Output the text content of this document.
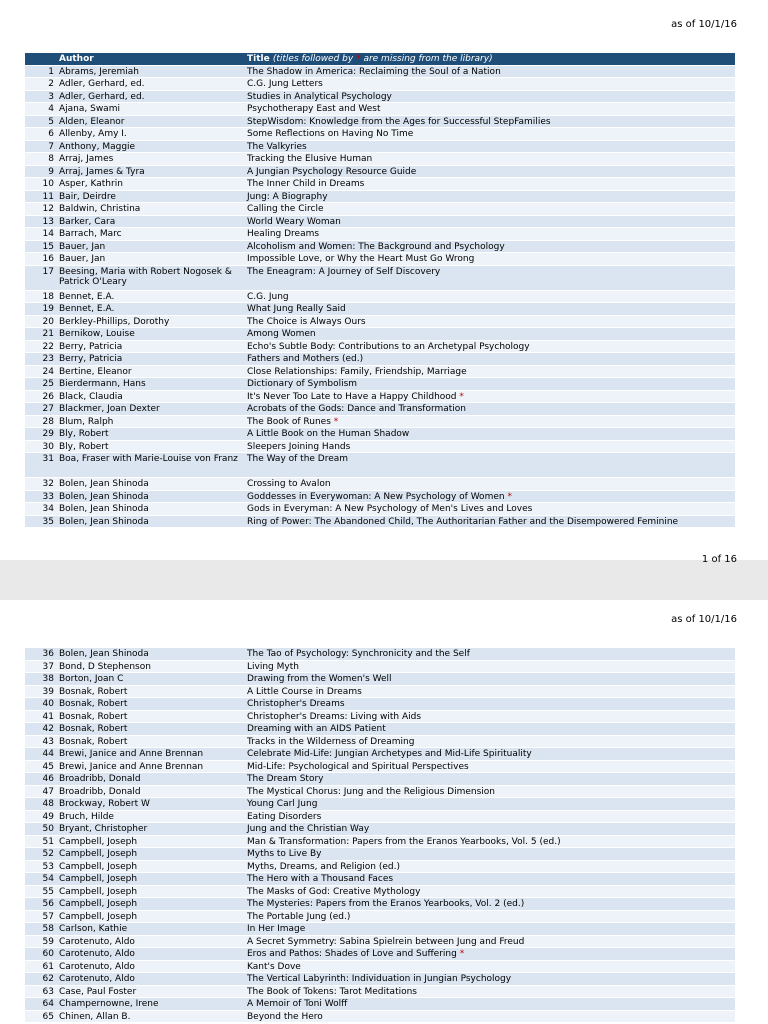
as of 10/1/16
	Author	Title (titles followed by * are missing from the library)
1	Abrams, Jeremiah	The Shadow in America: Reclaiming the Soul of a Nation
2	Adler, Gerhard, ed.	C.G. Jung Letters
3	Adler, Gerhard, ed.	Studies in Analytical Psychology
4	Ajana, Swami	Psychotherapy East and West
5	Alden, Eleanor	StepWisdom: Knowledge from the Ages for Successful StepFamilies
6	Allenby, Amy I.	Some Reflections on Having No Time
7	Anthony, Maggie	The Valkyries
8	Arraj, James	Tracking the Elusive Human
9	Arraj, James & Tyra	A Jungian Psychology Resource Guide
10	Asper, Kathrin	The Inner Child in Dreams
11	Bair, Deirdre	Jung: A Biography
12	Baldwin, Christina	Calling the Circle
13	Barker, Cara	World Weary Woman
14	Barrach, Marc	Healing Dreams
15	Bauer, Jan	Alcoholism and Women: The Background and Psychology
16	Bauer, Jan	Impossible Love, or Why the Heart Must Go Wrong
17	Beesing, Maria with Robert Nogosek & Patrick O'Leary	The Eneagram: A Journey of Self Discovery
18	Bennet, E.A.	C.G. Jung
19	Bennet, E.A.	What Jung Really Said
20	Berkley-Phillips, Dorothy	The Choice is Always Ours
21	Bernikow, Louise	Among Women
22	Berry, Patricia	Echo's Subtle Body: Contributions to an Archetypal Psychology
23	Berry, Patricia	Fathers and Mothers (ed.)
24	Bertine, Eleanor	Close Relationships: Family, Friendship, Marriage
25	Bierdermann, Hans	Dictionary of Symbolism
26	Black, Claudia	It's Never Too Late to Have a Happy Childhood *
27	Blackmer, Joan Dexter	Acrobats of the Gods: Dance and Transformation
28	Blum, Ralph	The Book of Runes *
29	Bly, Robert	A Little Book on the Human Shadow
30	Bly, Robert	Sleepers Joining Hands
31	Boa, Fraser with Marie-Louise von Franz	The Way of the Dream
32	Bolen, Jean Shinoda	Crossing to Avalon
33	Bolen, Jean Shinoda	Goddesses in Everywoman: A New Psychology of Women *
34	Bolen, Jean Shinoda	Gods in Everyman: A New Psychology of Men's Lives and Loves
35	Bolen, Jean Shinoda	Ring of Power: The Abandoned Child, The Authoritarian Father and the Disempowered Feminine
1 of 16
as of 10/1/16
36	Bolen, Jean Shinoda	The Tao of Psychology: Synchronicity and the Self
37	Bond, D Stephenson	Living Myth
38	Borton, Joan C	Drawing from the Women's Well
39	Bosnak, Robert	A Little Course in Dreams
40	Bosnak, Robert	Christopher's Dreams
41	Bosnak, Robert	Christopher's Dreams: Living with Aids
42	Bosnak, Robert	Dreaming with an AIDS Patient
43	Bosnak, Robert	Tracks in the Wilderness of Dreaming
44	Brewi, Janice and Anne Brennan	Celebrate Mid-Life: Jungian Archetypes and Mid-Life Spirituality
45	Brewi, Janice and Anne Brennan	Mid-Life: Psychological and Spiritual Perspectives
46	Broadribb, Donald	The Dream Story
47	Broadribb, Donald	The Mystical Chorus: Jung and the Religious Dimension
48	Brockway, Robert W	Young Carl Jung
49	Bruch, Hilde	Eating Disorders
50	Bryant, Christopher	Jung and the Christian Way
51	Campbell, Joseph	Man & Transformation: Papers from the Eranos Yearbooks, Vol. 5 (ed.)
52	Campbell, Joseph	Myths to Live By
53	Campbell, Joseph	Myths, Dreams, and Religion (ed.)
54	Campbell, Joseph	The Hero with a Thousand Faces
55	Campbell, Joseph	The Masks of God: Creative Mythology
56	Campbell, Joseph	The Mysteries: Papers from the Eranos Yearbooks, Vol. 2 (ed.)
57	Campbell, Joseph	The Portable Jung (ed.)
58	Carlson, Kathie	In Her Image
59	Carotenuto, Aldo	A Secret Symmetry: Sabina Spielrein between Jung and Freud
60	Carotenuto, Aldo	Eros and Pathos: Shades of Love and Suffering *
61	Carotenuto, Aldo	Kant's Dove
62	Carotenuto, Aldo	The Vertical Labyrinth: Individuation in Jungian Psychology
63	Case, Paul Foster	The Book of Tokens: Tarot Meditations
64	Champernowne, Irene	A Memoir of Toni Wolff
65	Chinen, Allan B.	Beyond the Hero
